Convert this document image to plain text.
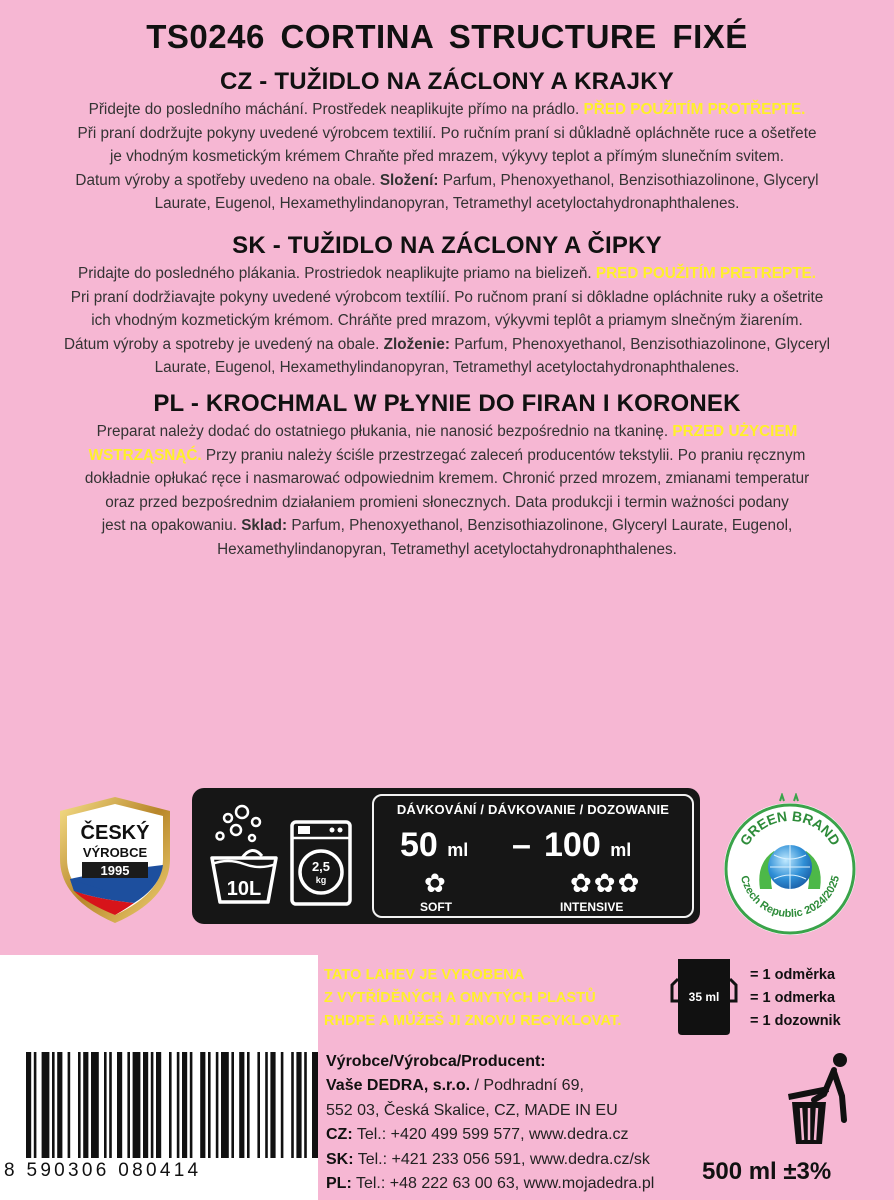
TS0246 CORTINA STRUCTURE FIXÉ
CZ - TUŽIDLO NA ZÁCLONY A KRAJKY

Přidejte do posledního máchání. Prostředek neaplikujte přímo na prádlo. PŘED POUŽITÍM PROTŘEPTE.
Při praní dodržujte pokyny uvedené výrobcem textilií. Po ručním praní si důkladně opláchněte ruce a ošetřete
je vhodným kosmetickým krémem Chraňte před mrazem, výkyvy teplot a přímým slunečním svitem.
Datum výroby a spotřeby uvedeno na obale. Složení: Parfum, Phenoxyethanol, Benzisothiazolinone, Glyceryl
Laurate, Eugenol, Hexamethylindanopyran, Tetramethyl acetyloctahydronaphthalenes.

SK - TUŽIDLO NA ZÁCLONY A ČIPKY

Pridajte do posledného plákania. Prostriedok neaplikujte priamo na bielizeň. PRED POUŽITÍM PRETREPTE.
Pri praní dodržiavajte pokyny uvedené výrobcom textílií. Po ručnom praní si dôkladne opláchnite ruky a ošetrite
ich vhodným kozmetickým krémom. Chráňte pred mrazom, výkyvmi teplôt a priamym slnečným žiarením.
Dátum výroby a spotreby je uvedený na obale. Zloženie: Parfum, Phenoxyethanol, Benzisothiazolinone, Glyceryl
Laurate, Eugenol, Hexamethylindanopyran, Tetramethyl acetyloctahydronaphthalenes.

PL - KROCHMAL W PŁYNIE DO FIRAN I KORONEK

Preparat należy dodać do ostatniego płukania, nie nanosić bezpośrednio na tkaninę. PRZED UŻYCIEM
WSTRZĄSNĄĆ. Przy praniu należy ściśle przestrzegać zaleceń producentów tekstylii. Po praniu ręcznym
dokładnie opłukać ręce i nasmarować odpowiednim kremem. Chronić przed mrozem, zmianami temperatur
oraz przed bezpośrednim działaniem promieni słonecznych. Data produkcji i termin ważności podany
jest na opakowaniu. Sklad: Parfum, Phenoxyethanol, Benzisothiazolinone, Glyceryl Laurate, Eugenol,
Hexamethylindanopyran, Tetramethyl acetyloctahydronaphthalenes.

ČESKÝ
VÝROBCE
1995
10L
2,5
kg
DÁVKOVÁNÍ / DÁVKOVANIE / DOZOWANIE
50 ml – 100 ml
✿	✿✿✿
SOFT	INTENSIVE
GREEN BRAND
Czech Republic 2024/2025
8 590306 080414
TATO LAHEV JE VYROBENA
Z VYTŘÍDĚNÝCH A OMYTÝCH PLASTŮ
RHDPE A MŮŽEŠ JI ZNOVU RECYKLOVAT.
35 ml
= 1 odměrka
= 1 odmerka
= 1 dozownik
Výrobce/Výrobca/Producent:
Vaše DEDRA, s.r.o. / Podhradní 69,
552 03, Česká Skalice, CZ, MADE IN EU
CZ: Tel.: +420 499 599 577, www.dedra.cz
SK: Tel.: +421 233 056 591, www.dedra.cz/sk
PL: Tel.: +48 222 63 00 63, www.mojadedra.pl 500 ml ±3%
